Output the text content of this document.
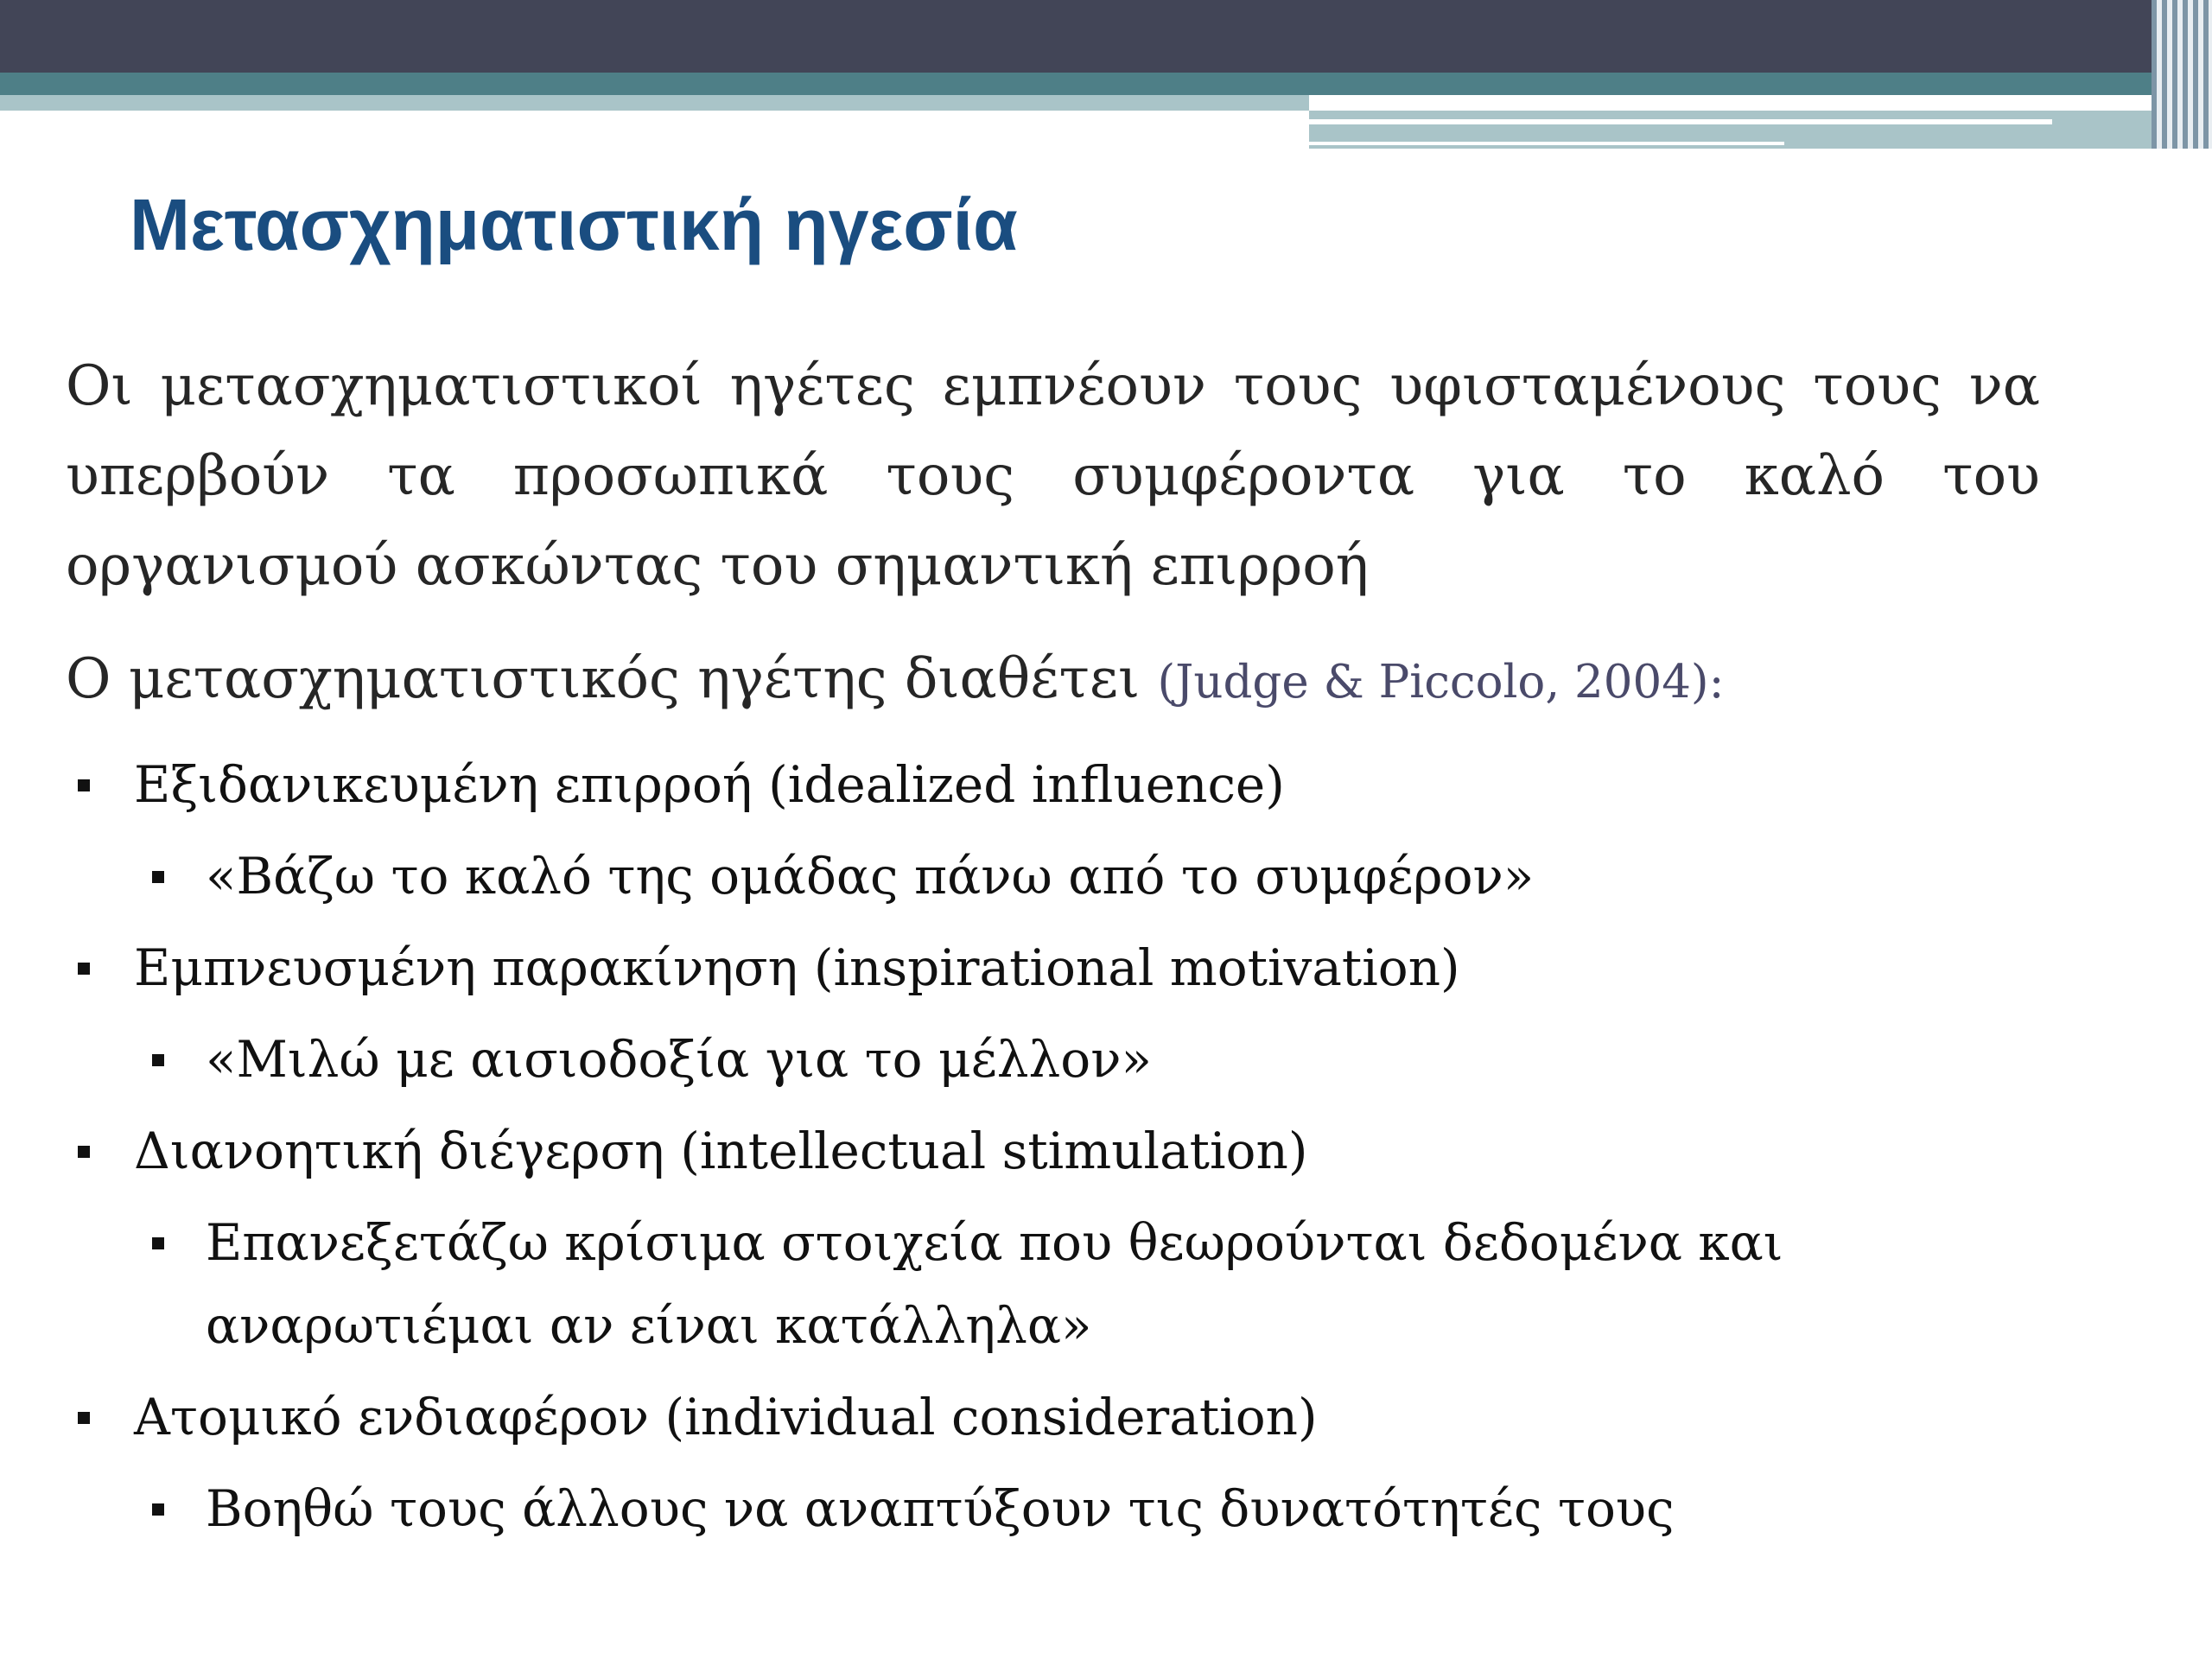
Μετασχηματιστική ηγεσία

Οι μετασχηματιστικοί ηγέτες εμπνέουν τους υφισταμένους τους να υπερβούν τα προσωπικά τους συμφέροντα για το καλό του οργανισμού ασκώντας του σημαντική επιρροή

Ο μετασχηματιστικός ηγέτης διαθέτει (Judge & Piccolo, 2004):

Εξιδανικευμένη επιρροή (idealized influence)
«Βάζω το καλό της ομάδας πάνω από το συμφέρον»
Εμπνευσμένη παρακίνηση (inspirational motivation)
«Μιλώ με αισιοδοξία για το μέλλον»
Διανοητική διέγερση (intellectual stimulation)
Επανεξετάζω κρίσιμα στοιχεία που θεωρούνται δεδομένα και αναρωτιέμαι αν είναι κατάλληλα»
Ατομικό ενδιαφέρον (individual consideration)
Βοηθώ τους άλλους να αναπτύξουν τις δυνατότητές τους
